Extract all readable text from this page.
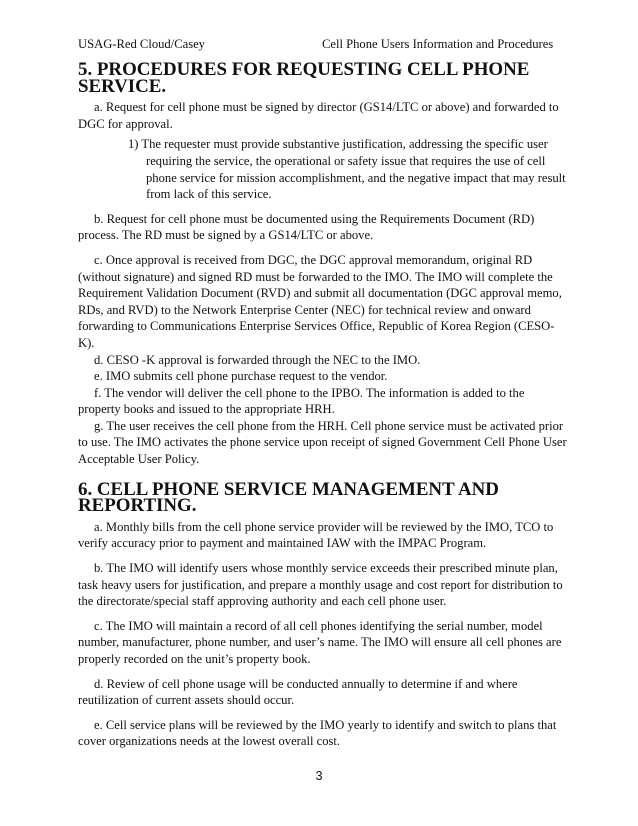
USAG-Red Cloud/Casey	Cell Phone Users Information and Procedures
5. PROCEDURES FOR REQUESTING CELL PHONE SERVICE.

a. Request for cell phone must be signed by director (GS14/LTC or above) and forwarded to DGC for approval.

1) The requester must provide substantive justification, addressing the specific user requiring the service, the operational or safety issue that requires the use of cell phone service for mission accomplishment, and the negative impact that may result from lack of this service.

b. Request for cell phone must be documented using the Requirements Document (RD) process. The RD must be signed by a GS14/LTC or above.

c. Once approval is received from DGC, the DGC approval memorandum, original RD (without signature) and signed RD must be forwarded to the IMO. The IMO will complete the Requirement Validation Document (RVD) and submit all documentation (DGC approval memo, RDs, and RVD) to the Network Enterprise Center (NEC) for technical review and onward forwarding to Communications Enterprise Services Office, Republic of Korea Region (CESO-K).

d. CESO -K approval is forwarded through the NEC to the IMO.

e. IMO submits cell phone purchase request to the vendor.

f. The vendor will deliver the cell phone to the IPBO. The information is added to the property books and issued to the appropriate HRH.

g. The user receives the cell phone from the HRH. Cell phone service must be activated prior to use. The IMO activates the phone service upon receipt of signed Government Cell Phone User Acceptable User Policy.

6. CELL PHONE SERVICE MANAGEMENT AND REPORTING.

a. Monthly bills from the cell phone service provider will be reviewed by the IMO, TCO to verify accuracy prior to payment and maintained IAW with the IMPAC Program.

b. The IMO will identify users whose monthly service exceeds their prescribed minute plan, task heavy users for justification, and prepare a monthly usage and cost report for distribution to the directorate/special staff approving authority and each cell phone user.

c. The IMO will maintain a record of all cell phones identifying the serial number, model number, manufacturer, phone number, and user’s name. The IMO will ensure all cell phones are properly recorded on the unit’s property book.

d. Review of cell phone usage will be conducted annually to determine if and where reutilization of current assets should occur.

e. Cell service plans will be reviewed by the IMO yearly to identify and switch to plans that cover organizations needs at the lowest overall cost.

3
